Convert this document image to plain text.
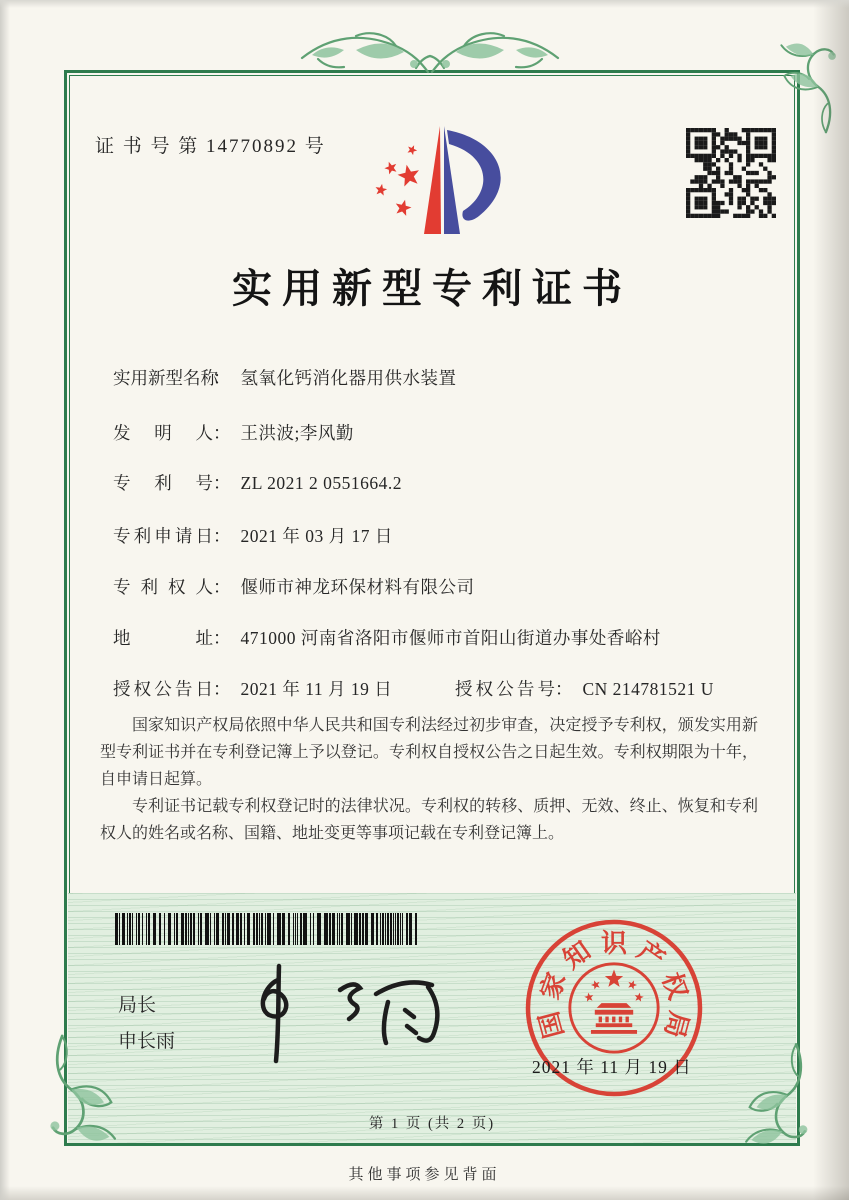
证 书 号 第 14770892 号
实用新型专利证书
实用新型名称： 氢氧化钙消化器用供水装置
发明人： 王洪波;李风勤
专利号： ZL 2021 2 0551664.2
专利申请日： 2021 年 03 月 17 日
专利权人： 偃师市神龙环保材料有限公司
地址： 471000 河南省洛阳市偃师市首阳山街道办事处香峪村
授权公告日： 2021 年 11 月 19 日	授权公告号： CN 214781521 U

国家知识产权局依照中华人民共和国专利法经过初步审查，决定授予专利权，颁发实用新型专利证书并在专利登记簿上予以登记。专利权自授权公告之日起生效。专利权期限为十年，自申请日起算。

专利证书记载专利权登记时的法律状况。专利权的转移、质押、无效、终止、恢复和专利权人的姓名或名称、国籍、地址变更等事项记载在专利登记簿上。

局长
申长雨
国
家
知 识 产
权
局
2021 年 11 月 19 日
第 1 页 (共 2 页)
其他事项参见背面
